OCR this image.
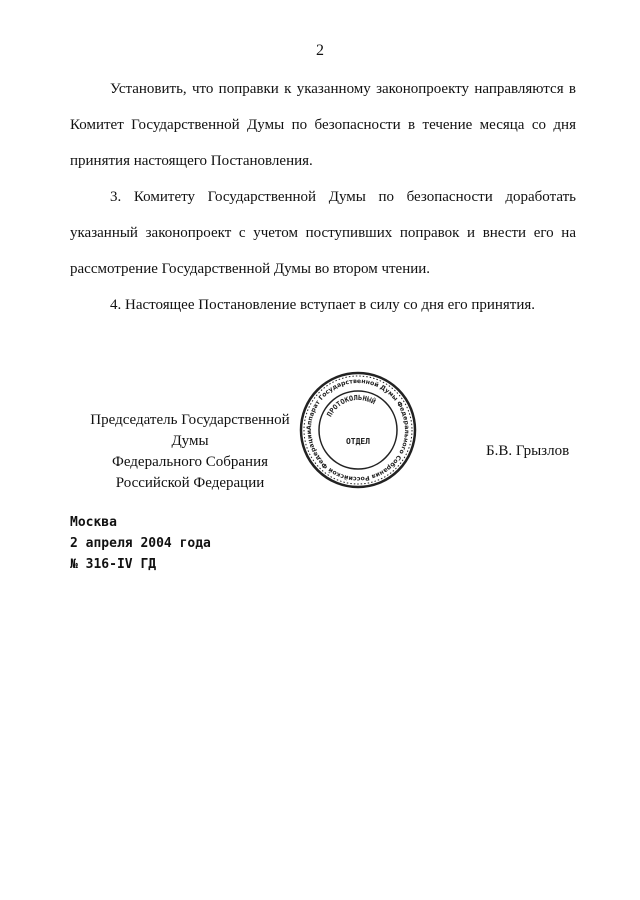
2

Установить, что поправки к указанному законопроекту направляются в Комитет Государственной Думы по безопасности в течение месяца со дня принятия настоящего Постановления.

3. Комитету Государственной Думы по безопасности доработать указанный законопроект с учетом поступивших поправок и внести его на рассмотрение Государственной Думы во втором чтении.

4. Настоящее Постановление вступает в силу со дня его принятия.

Председатель Государственной Думы
Федерального Собрания
Российской Федерации
Аппарат Государственной Думы Федерального Собрания Российской Федерации
ПРОТОКОЛЬНЫЙ
ОТДЕЛ
Б.В. Грызлов
Москва
2 апреля 2004 года
№ 316-IV ГД
